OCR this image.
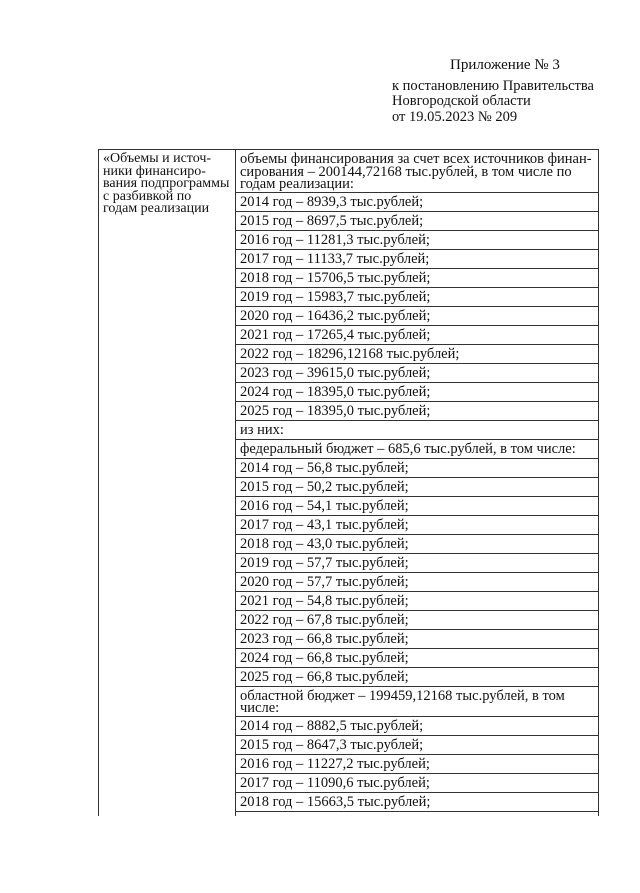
Приложение № 3
к постановлению Правительства
Новгородской области
от 19.05.2023 № 209
«Объемы и источ-
ники финансиро-
вания подпрограммы
с разбивкой по
годам реализации
объемы финансирования за счет всех источников финан-сирования – 200144,72168 тыс.рублей, в том числе по годам реализации:
2014 год – 8939,3 тыс.рублей;
2015 год – 8697,5 тыс.рублей;
2016 год – 11281,3 тыс.рублей;
2017 год – 11133,7 тыс.рублей;
2018 год – 15706,5 тыс.рублей;
2019 год – 15983,7 тыс.рублей;
2020 год – 16436,2 тыс.рублей;
2021 год – 17265,4 тыс.рублей;
2022 год – 18296,12168 тыс.рублей;
2023 год – 39615,0 тыс.рублей;
2024 год – 18395,0 тыс.рублей;
2025 год – 18395,0 тыс.рублей;
из них:
федеральный бюджет – 685,6 тыс.рублей, в том числе:
2014 год – 56,8 тыс.рублей;
2015 год – 50,2 тыс.рублей;
2016 год – 54,1 тыс.рублей;
2017 год – 43,1 тыс.рублей;
2018 год – 43,0 тыс.рублей;
2019 год – 57,7 тыс.рублей;
2020 год – 57,7 тыс.рублей;
2021 год – 54,8 тыс.рублей;
2022 год – 67,8 тыс.рублей;
2023 год – 66,8 тыс.рублей;
2024 год – 66,8 тыс.рублей;
2025 год – 66,8 тыс.рублей;
областной бюджет – 199459,12168 тыс.рублей, в том числе:
2014 год – 8882,5 тыс.рублей;
2015 год – 8647,3 тыс.рублей;
2016 год – 11227,2 тыс.рублей;
2017 год – 11090,6 тыс.рублей;
2018 год – 15663,5 тыс.рублей;
